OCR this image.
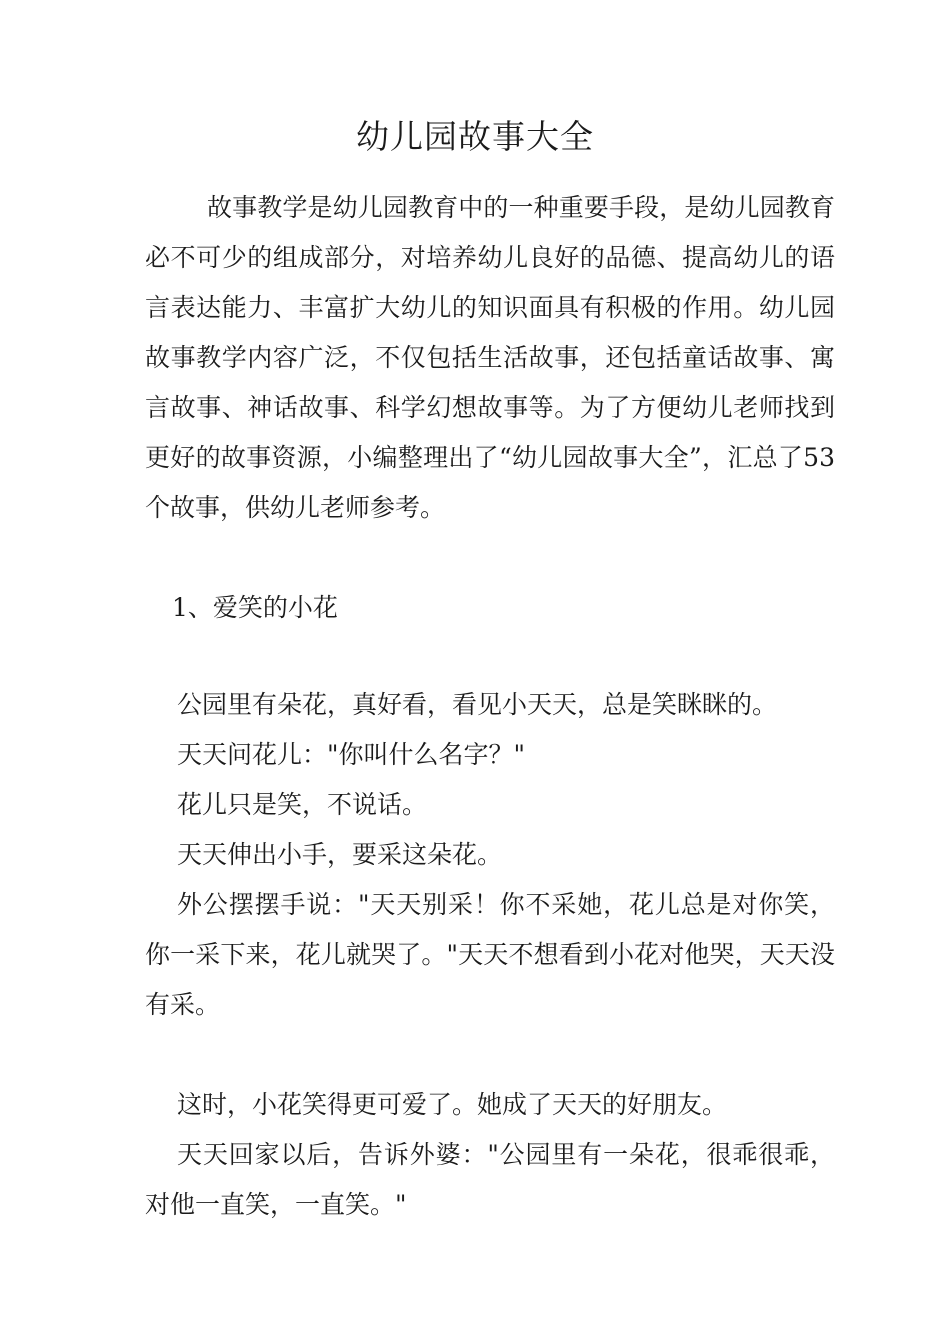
幼儿园故事大全

故事教学是幼儿园教育中的一种重要手段，是幼儿园教育必不可少的组成部分，对培养幼儿良好的品德、提高幼儿的语言表达能力、丰富扩大幼儿的知识面具有积极的作用。幼儿园故事教学内容广泛，不仅包括生活故事，还包括童话故事、寓言故事、神话故事、科学幻想故事等。为了方便幼儿老师找到更好的故事资源，小编整理出了“幼儿园故事大全”，汇总了53个故事，供幼儿老师参考。

1、爱笑的小花

公园里有朵花，真好看，看见小天天，总是笑眯眯的。

天天问花儿："你叫什么名字？"

花儿只是笑，不说话。

天天伸出小手，要采这朵花。

外公摆摆手说："天天别采！你不采她，花儿总是对你笑，你一采下来，花儿就哭了。"天天不想看到小花对他哭，天天没有采。

这时，小花笑得更可爱了。她成了天天的好朋友。

天天回家以后，告诉外婆："公园里有一朵花，很乖很乖，对他一直笑，一直笑。"
